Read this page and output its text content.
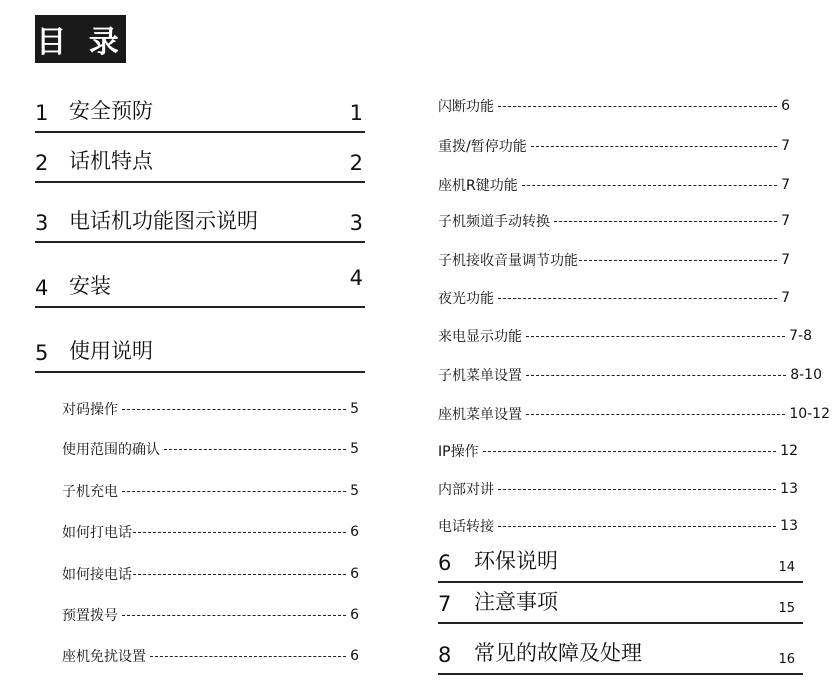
目 录
1 安全预防	1
2 话机特点	2
3 电话机功能图示说明	3
4 安装	4
5 使用说明
对码操作	5
使用范围的确认	5
子机充电	5
如何打电话	6
如何接电话	6
预置拨号	6
座机免扰设置	6
闪断功能	6
重拨/暂停功能	7
座机R键功能	7
子机频道手动转换	7
子机接收音量调节功能	7
夜光功能	7
来电显示功能	7-8
子机菜单设置	8-10
座机菜单设置	10-12
IP操作	12
内部对讲	13
电话转接	13
6 环保说明	14
7 注意事项	15
8 常见的故障及处理	16
